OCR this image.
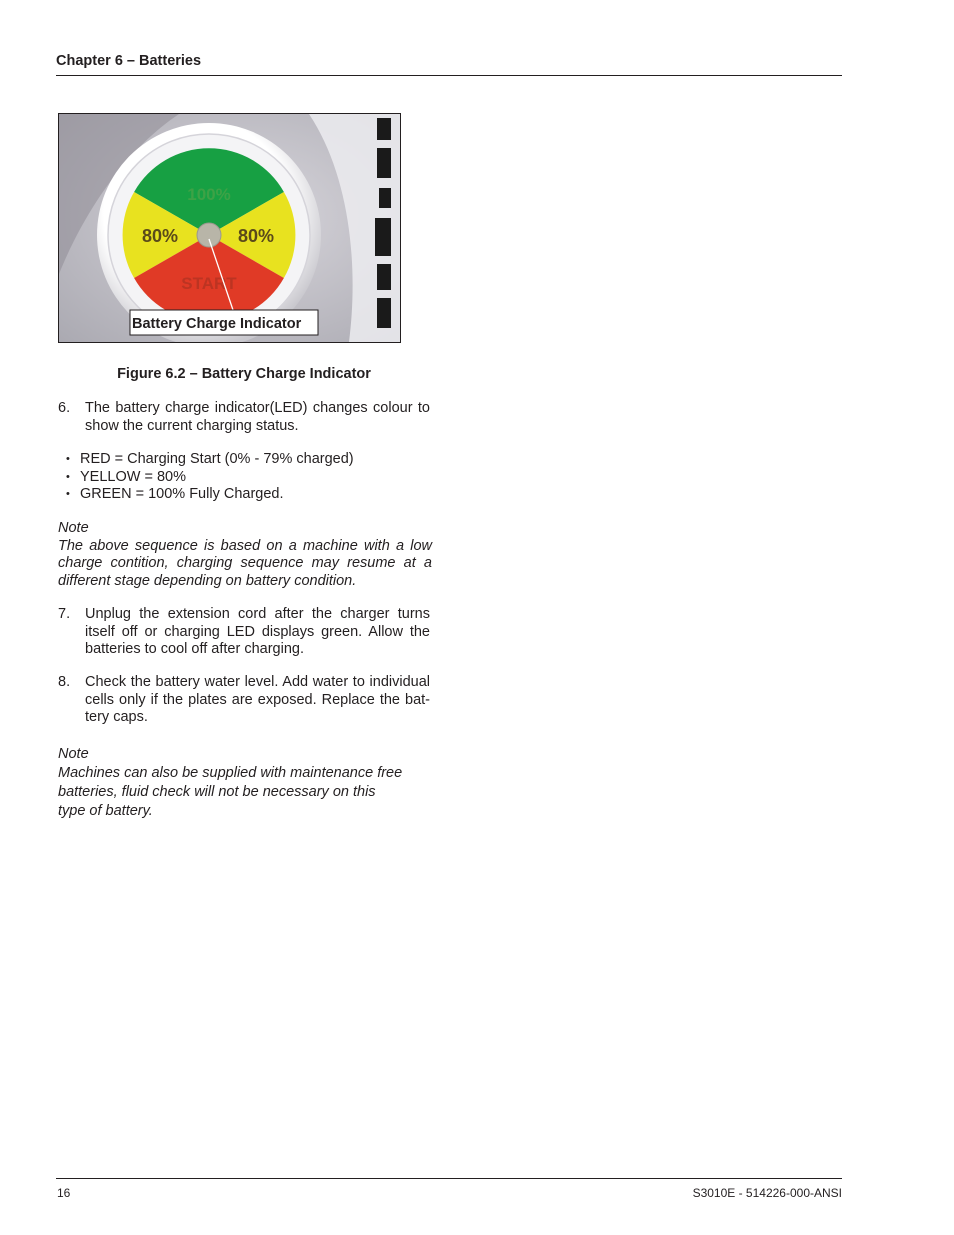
Chapter 6 – Batteries
100%
80%	80%
START
Battery Charge Indicator
Figure 6.2 – Battery Charge Indicator
6. The battery charge indicator(LED) changes colour to show the current charging status.
• RED = Charging Start (0% - 79% charged)
• YELLOW = 80%
• GREEN = 100% Fully Charged.
Note
The above sequence is based on a machine with a low charge contition, charging sequence may resume at a different stage depending on battery condition.
7. Unplug the extension cord after the charger turns itself off or charging LED displays green. Allow the batteries to cool off after charging.
8. Check the battery water level. Add water to individual cells only if the plates are exposed. Replace the bat-tery caps.
Note
Machines can also be supplied with maintenance free
batteries, fluid check will not be necessary on this
type of battery.
16	S3010E - 514226-000-ANSI
